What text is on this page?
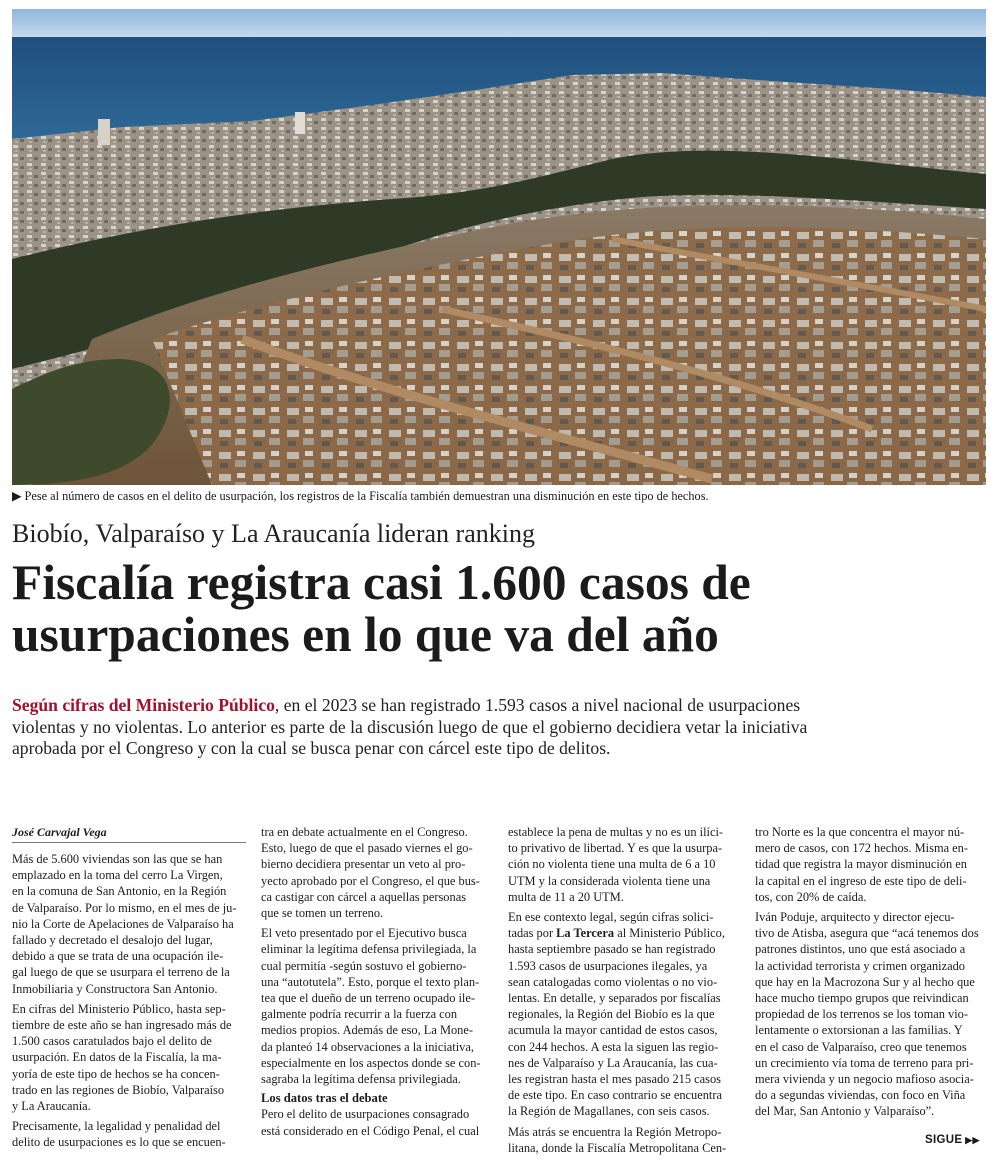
▶ Pese al número de casos en el delito de usurpación, los registros de la Fiscalía también demuestran una disminución en este tipo de hechos.
Biobío, Valparaíso y La Araucanía lideran ranking
Fiscalía registra casi 1.600 casos de
usurpaciones en lo que va del año
Según cifras del Ministerio Público, en el 2023 se han registrado 1.593 casos a nivel nacional de usurpaciones
violentas y no violentas. Lo anterior es parte de la discusión luego de que el gobierno decidiera vetar la iniciativa
aprobada por el Congreso y con la cual se busca penar con cárcel este tipo de delitos.
José Carvajal Vega
Más de 5.600 viviendas son las que se han
emplazado en la toma del cerro La Virgen,
en la comuna de San Antonio, en la Región
de Valparaíso. Por lo mismo, en el mes de ju-
nio la Corte de Apelaciones de Valparaíso ha
fallado y decretado el desalojo del lugar,
debido a que se trata de una ocupación ile-
gal luego de que se usurpara el terreno de la
Inmobiliaria y Constructora San Antonio.
En cifras del Ministerio Público, hasta sep-
tiembre de este año se han ingresado más de
1.500 casos caratulados bajo el delito de
usurpación. En datos de la Fiscalía, la ma-
yoría de este tipo de hechos se ha concen-
trado en las regiones de Biobío, Valparaíso
y La Araucanía.
Precisamente, la legalidad y penalidad del
delito de usurpaciones es lo que se encuen-
tra en debate actualmente en el Congreso.
Esto, luego de que el pasado viernes el go-
bierno decidiera presentar un veto al pro-
yecto aprobado por el Congreso, el que bus-
ca castigar con cárcel a aquellas personas
que se tomen un terreno.
El veto presentado por el Ejecutivo busca
eliminar la legítima defensa privilegiada, la
cual permitía -según sostuvo el gobierno-
una “autotutela”. Esto, porque el texto plan-
tea que el dueño de un terreno ocupado ile-
galmente podría recurrir a la fuerza con
medios propios. Además de eso, La Mone-
da planteó 14 observaciones a la iniciativa,
especialmente en los aspectos donde se con-
sagraba la legítima defensa privilegiada.
Los datos tras el debate
Pero el delito de usurpaciones consagrado
está considerado en el Código Penal, el cual
establece la pena de multas y no es un ilíci-
to privativo de libertad. Y es que la usurpa-
ción no violenta tiene una multa de 6 a 10
UTM y la considerada violenta tiene una
multa de 11 a 20 UTM.
En ese contexto legal, según cifras solici-
tadas por La Tercera al Ministerio Público,
hasta septiembre pasado se han registrado
1.593 casos de usurpaciones ilegales, ya
sean catalogadas como violentas o no vio-
lentas. En detalle, y separados por fiscalías
regionales, la Región del Biobío es la que
acumula la mayor cantidad de estos casos,
con 244 hechos. A esta la siguen las regio-
nes de Valparaíso y La Araucanía, las cua-
les registran hasta el mes pasado 215 casos
de este tipo. En caso contrario se encuentra
la Región de Magallanes, con seis casos.
Más atrás se encuentra la Región Metropo-
litana, donde la Fiscalía Metropolitana Cen-
tro Norte es la que concentra el mayor nú-
mero de casos, con 172 hechos. Misma en-
tidad que registra la mayor disminución en
la capital en el ingreso de este tipo de deli-
tos, con 20% de caída.
Iván Poduje, arquitecto y director ejecu-
tivo de Atisba, asegura que “acá tenemos dos
patrones distintos, uno que está asociado a
la actividad terrorista y crimen organizado
que hay en la Macrozona Sur y al hecho que
hace mucho tiempo grupos que reivindican
propiedad de los terrenos se los toman vio-
lentamente o extorsionan a las familias. Y
en el caso de Valparaíso, creo que tenemos
un crecimiento vía toma de terreno para pri-
mera vivienda y un negocio mafioso asocia-
do a segundas viviendas, con foco en Viña
del Mar, San Antonio y Valparaíso”.
SIGUE ▶▶
